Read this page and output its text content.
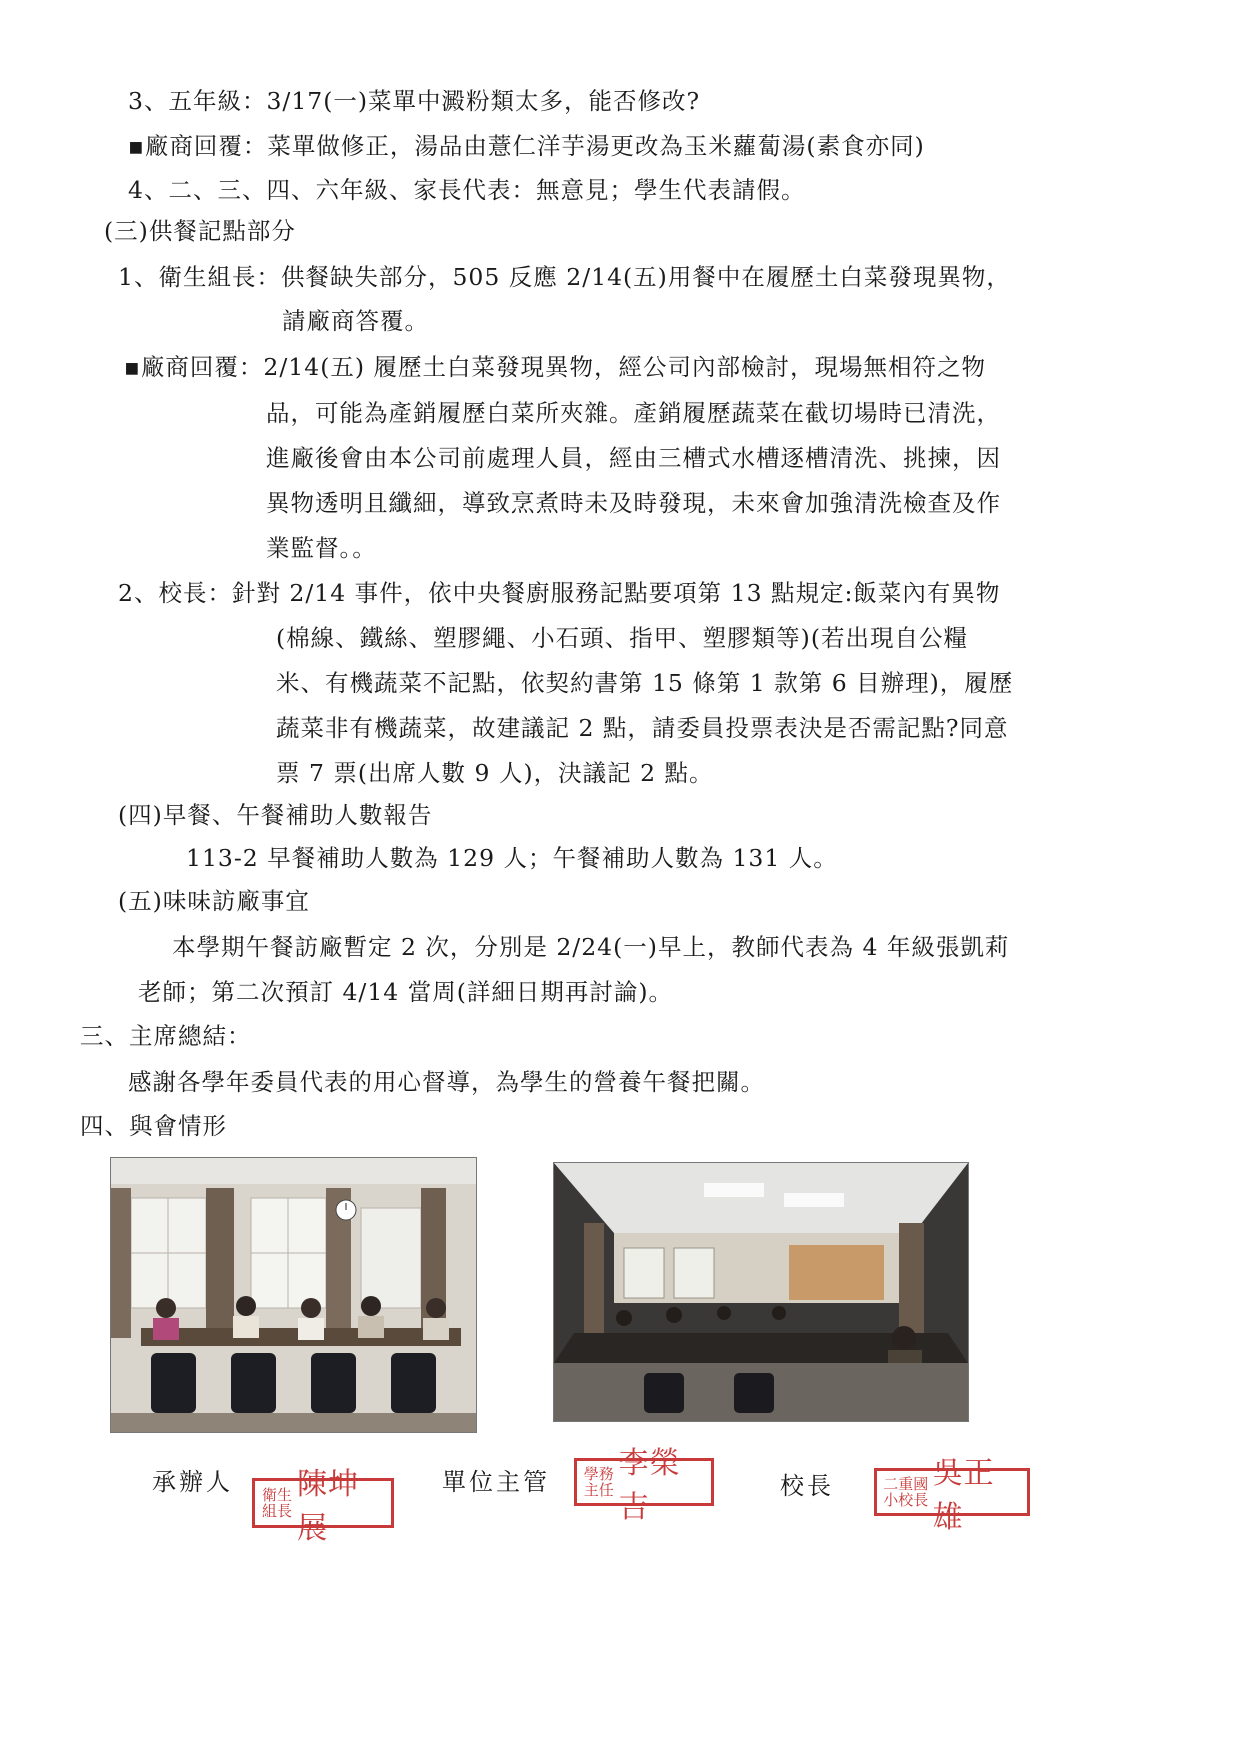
3、五年級：3/17(一)菜單中澱粉類太多，能否修改?
▪廠商回覆：菜單做修正，湯品由薏仁洋芋湯更改為玉米蘿蔔湯(素食亦同)
4、二、三、四、六年級、家長代表：無意見；學生代表請假。
(三)供餐記點部分
1、衛生組長：供餐缺失部分，505 反應 2/14(五)用餐中在履歷土白菜發現異物，
請廠商答覆。
▪廠商回覆：2/14(五) 履歷土白菜發現異物，經公司內部檢討，現場無相符之物
品，可能為產銷履歷白菜所夾雜。產銷履歷蔬菜在截切場時已清洗，
進廠後會由本公司前處理人員，經由三槽式水槽逐槽清洗、挑揀，因
異物透明且纖細，導致烹煮時未及時發現，未來會加強清洗檢查及作
業監督。。
2、校長：針對 2/14 事件，依中央餐廚服務記點要項第 13 點規定:飯菜內有異物
(棉線、鐵絲、塑膠繩、小石頭、指甲、塑膠類等)(若出現自公糧
米、有機蔬菜不記點，依契約書第 15 條第 1 款第 6 目辦理)，履歷
蔬菜非有機蔬菜，故建議記 2 點，請委員投票表決是否需記點?同意
票 7 票(出席人數 9 人)，決議記 2 點。
(四)早餐、午餐補助人數報告
113-2 早餐補助人數為 129 人；午餐補助人數為 131 人。
(五)味味訪廠事宜
本學期午餐訪廠暫定 2 次，分別是 2/24(一)早上，教師代表為 4 年級張凱莉
老師；第二次預訂 4/14 當周(詳細日期再討論)。
三、主席總結：
感謝各學年委員代表的用心督導，為學生的營養午餐把關。
四、與會情形
承辦人 衛生組長
陳坤展
單位主管 學務主任
李榮吉
校長	二重國小校長
吳正雄
